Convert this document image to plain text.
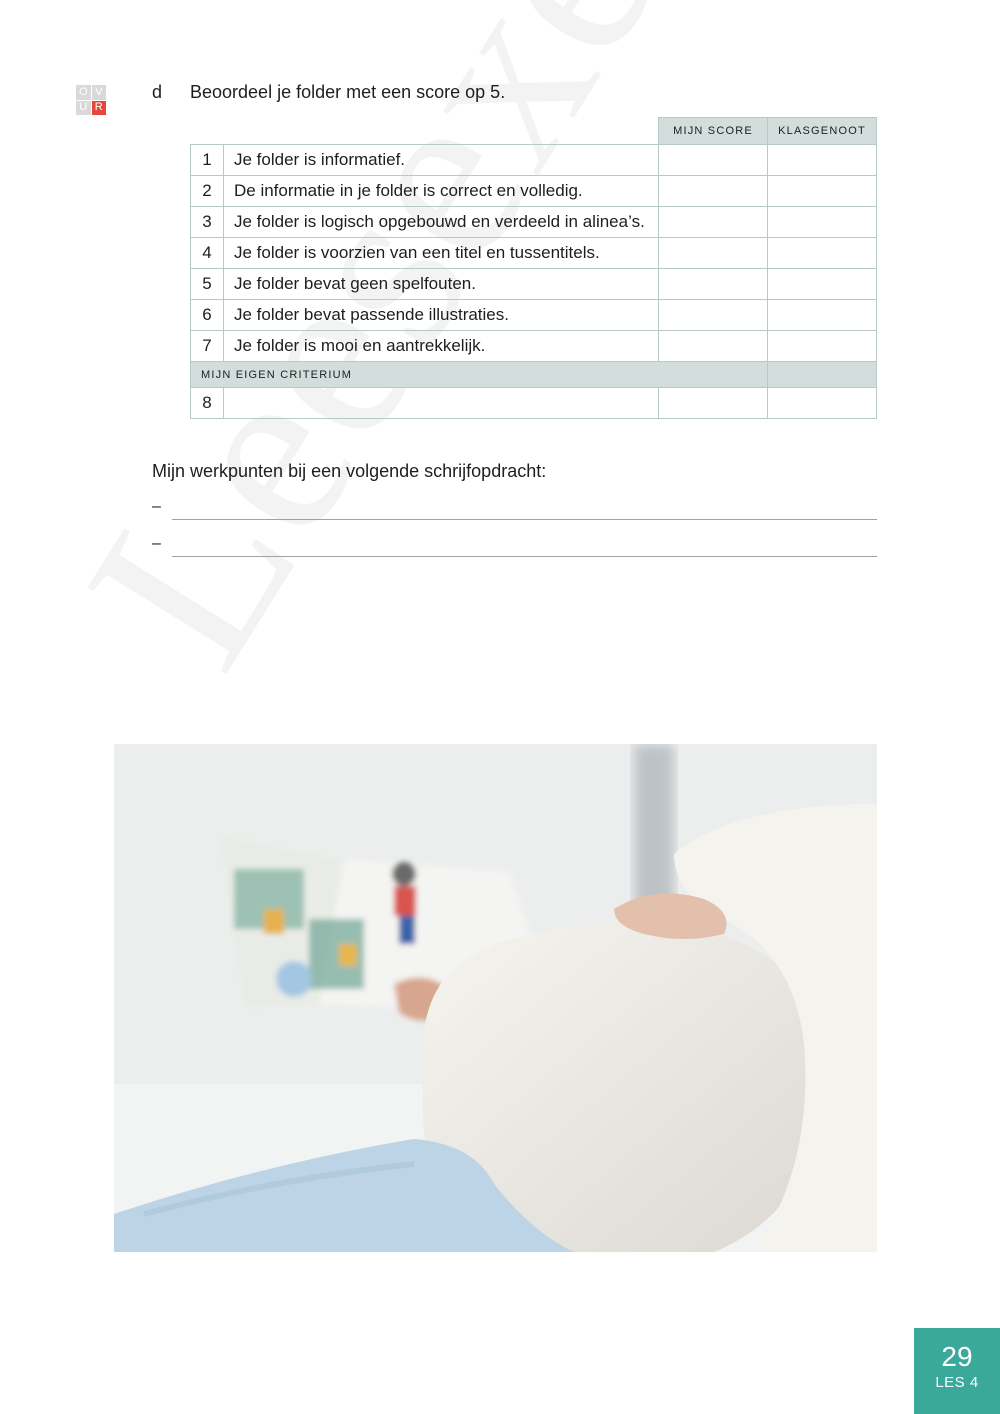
O V
U R
d Beoordeel je folder met een score op 5.
		MIJN SCORE	KLASGENOOT
1	Je folder is informatief.		
2	De informatie in je folder is correct en volledig.		
3	Je folder is logisch opgebouwd en verdeeld in alinea’s.		
4	Je folder is voorzien van een titel en tussentitels.		
5	Je folder bevat geen spelfouten.		
6	Je folder bevat passende illustraties.		
7	Je folder is mooi en aantrekkelijk.		
MIJN EIGEN CRITERIUM			
8			
Mijn werkpunten bij een volgende schrijfopdracht:
–
–
29
LES 4
